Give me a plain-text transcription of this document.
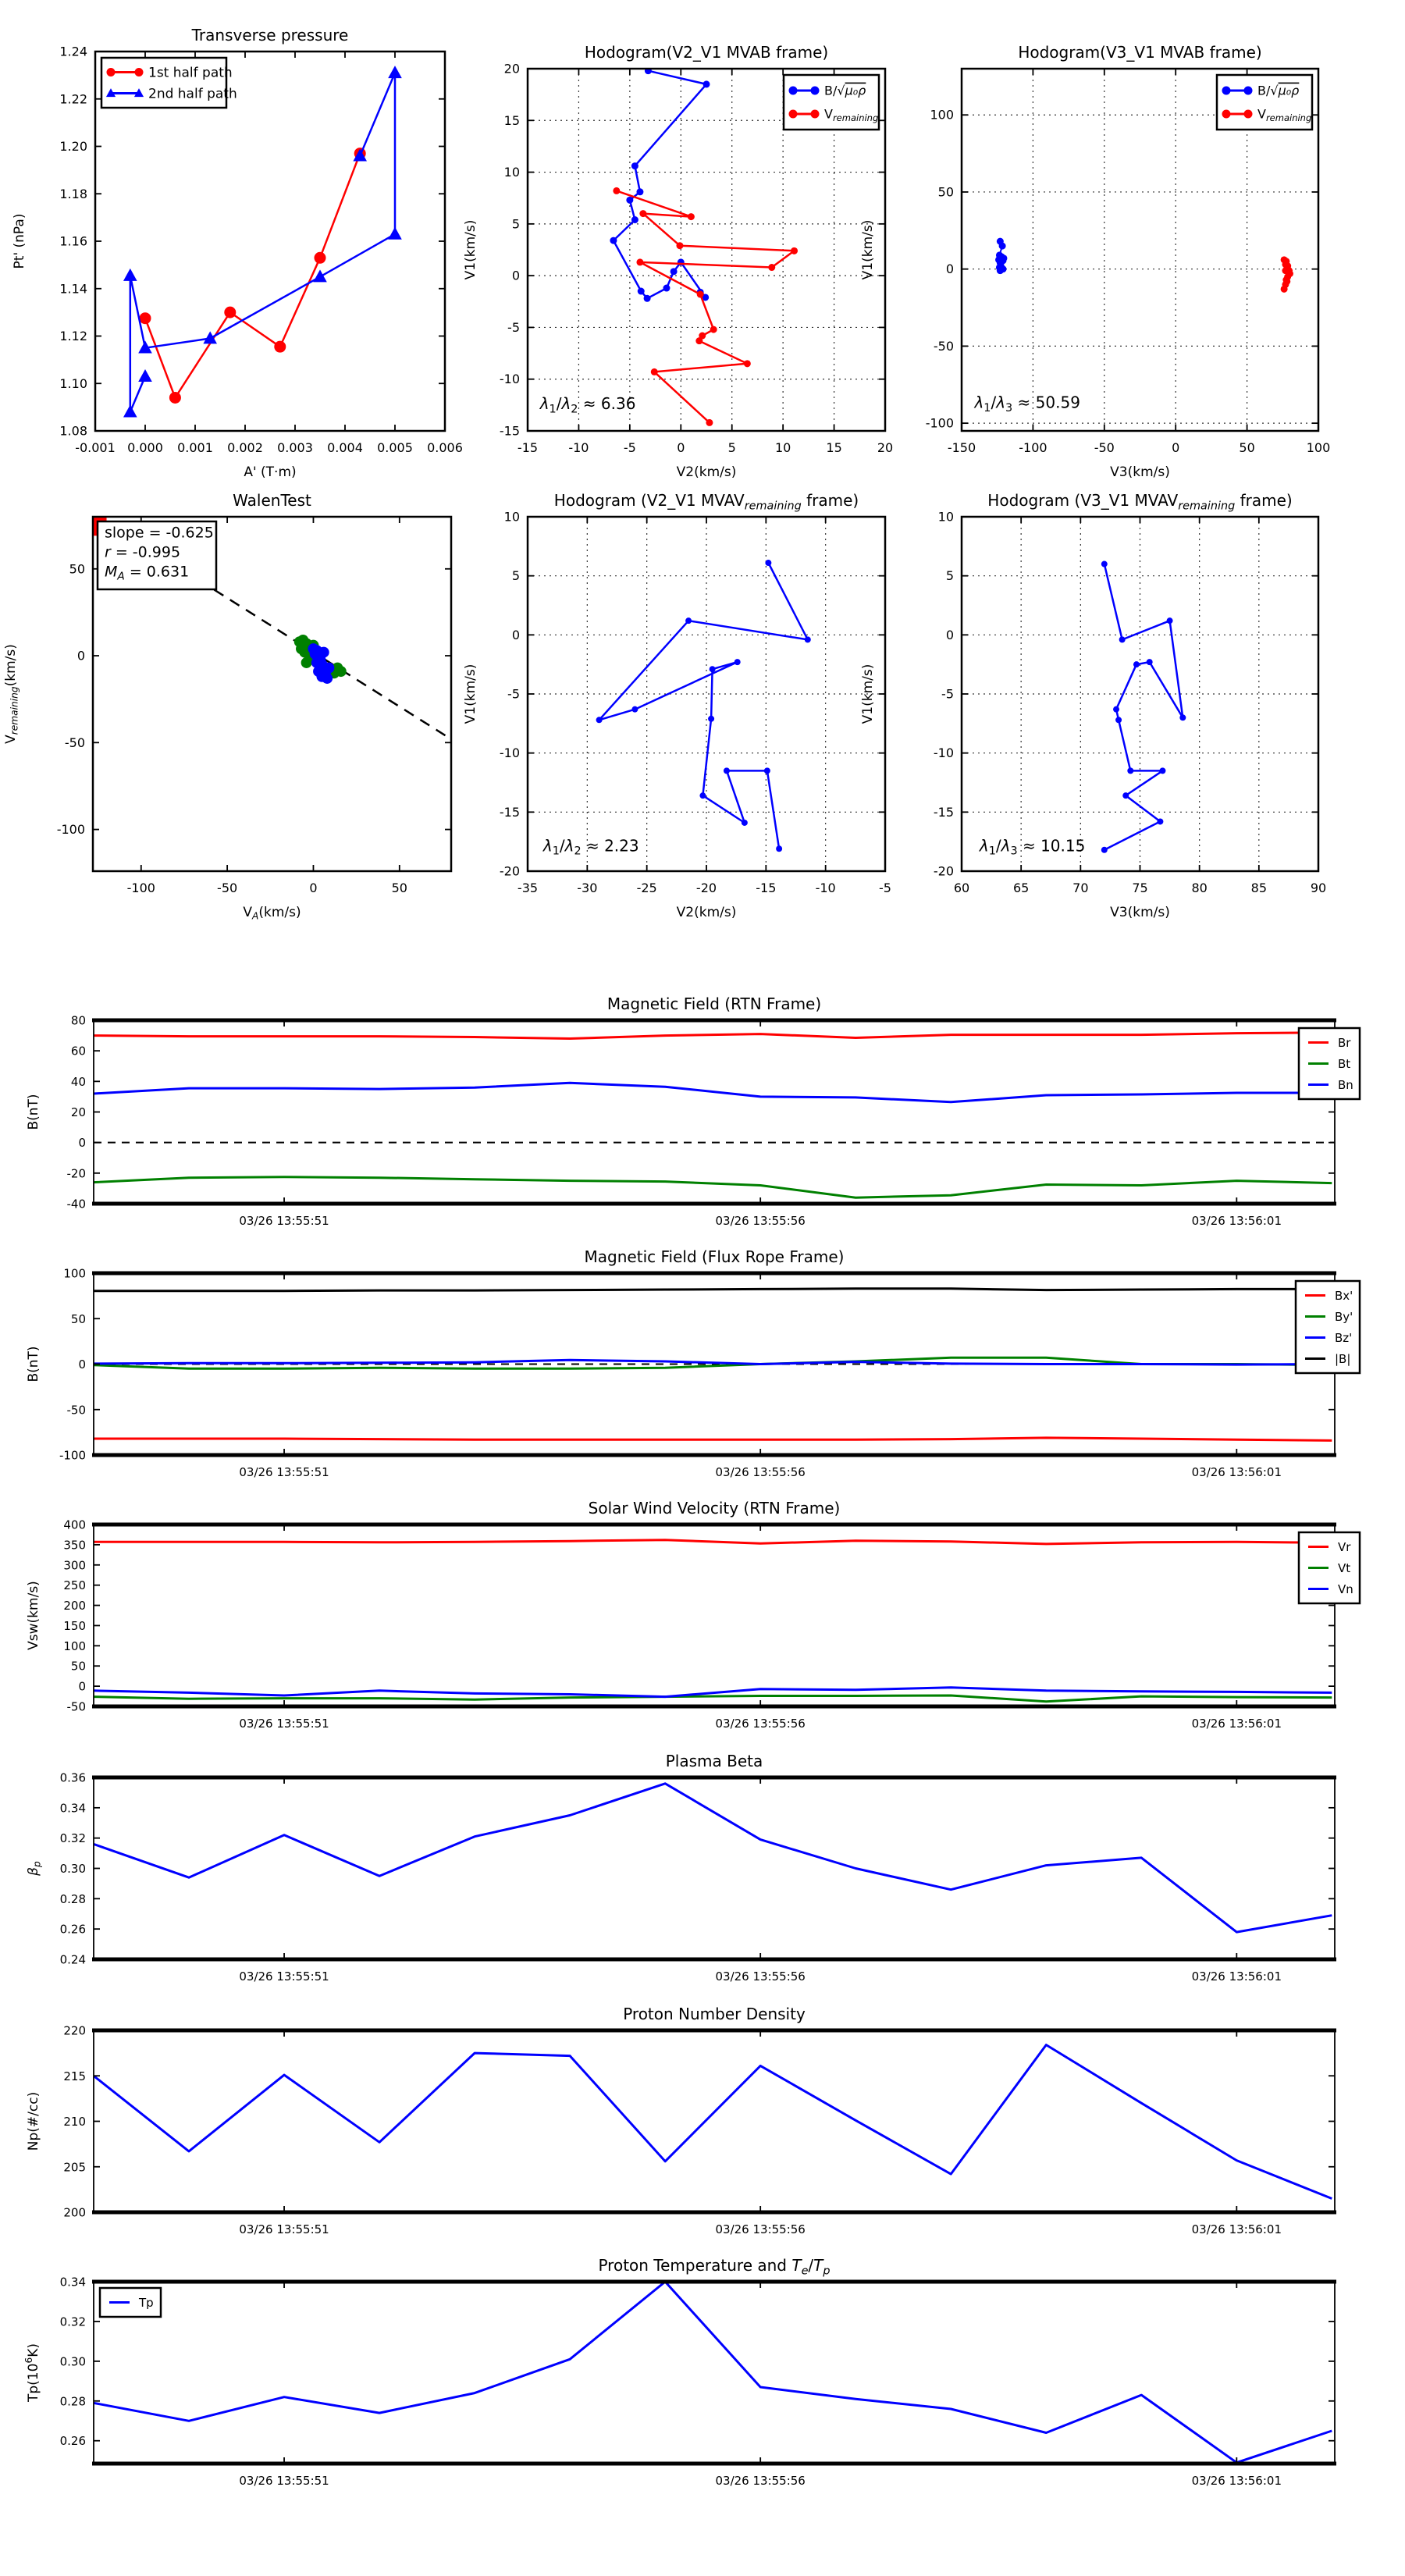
-0.001 0.000 0.001 0.002 0.003 0.004 0.005 0.006
1.08
1.10
1.12
1.14
1.16
1.18
1.20
1.22
1.24
Transverse pressure
A' (T·m)
Pt' (nPa)
1st half path
2nd half path
-15 -10	-5	0	5	10	15	20
-15
-10
-5
0
5
10
15
20
Hodogram(V2_V1 MVAB frame)
V2(km/s)
V1(km/s)
$\lambda_1/\lambda_2 \approx 6.36$
B/√μ₀ρ
$V_{remaining}$
-150	-100	-50	0	50	100
-100
-50
0
50
100
Hodogram(V3_V1 MVAB frame)
V3(km/s)
V1(km/s)
$\lambda_1/\lambda_3 \approx 50.59$
B/√μ₀ρ
$V_{remaining}$
-100	-50	0	50
-100
-50
0
50
WalenTest
$V_A(km/s)$
$V_{remaining}(km/s)$
slope = -0.625
r = -0.995
$M_A = 0.631$
-35	-30	-25	-20	-15	-10	-5
-20
-15
-10
-5
0
5
10
Hodogram (V2_V1 $MVAV_{remaining}$ frame)
V2(km/s)
V1(km/s)
$\lambda_1/\lambda_2 \approx 2.23$
60	65	70	75	80	85	90
-20
-15
-10
-5
0
5
10
Hodogram (V3_V1 $MVAV_{remaining}$ frame)
V3(km/s)
V1(km/s)
$\lambda_1/\lambda_3 \approx 10.15$
03/26 13:55:51	03/26 13:55:56	03/26 13:56:01
-40
-20
0
20
40
60
80
Magnetic Field (RTN Frame)
B(nT)
Br
Bt
Bn
03/26 13:55:51	03/26 13:55:56	03/26 13:56:01
-100
-50
0
50
100
Magnetic Field (Flux Rope Frame)
B(nT)
Bx'
By'
Bz'
|B|
03/26 13:55:51	03/26 13:55:56	03/26 13:56:01
-50
0
50
100
150
200
250
300
350
400
Solar Wind Velocity (RTN Frame)
Vsw(km/s)
Vr
Vt
Vn
03/26 13:55:51	03/26 13:55:56	03/26 13:56:01
0.24
0.26
0.28
0.30
0.32
0.34
0.36
Plasma Beta
$\beta_p$
03/26 13:55:51	03/26 13:55:56	03/26 13:56:01
200
205
210
215
220
Proton Number Density
Np(#/cc)
03/26 13:55:51	03/26 13:55:56	03/26 13:56:01
0.26
0.28
0.30
0.32
0.34
Proton Temperature and $T_e/T_p$
$Tp(10^6K)$
Tp
